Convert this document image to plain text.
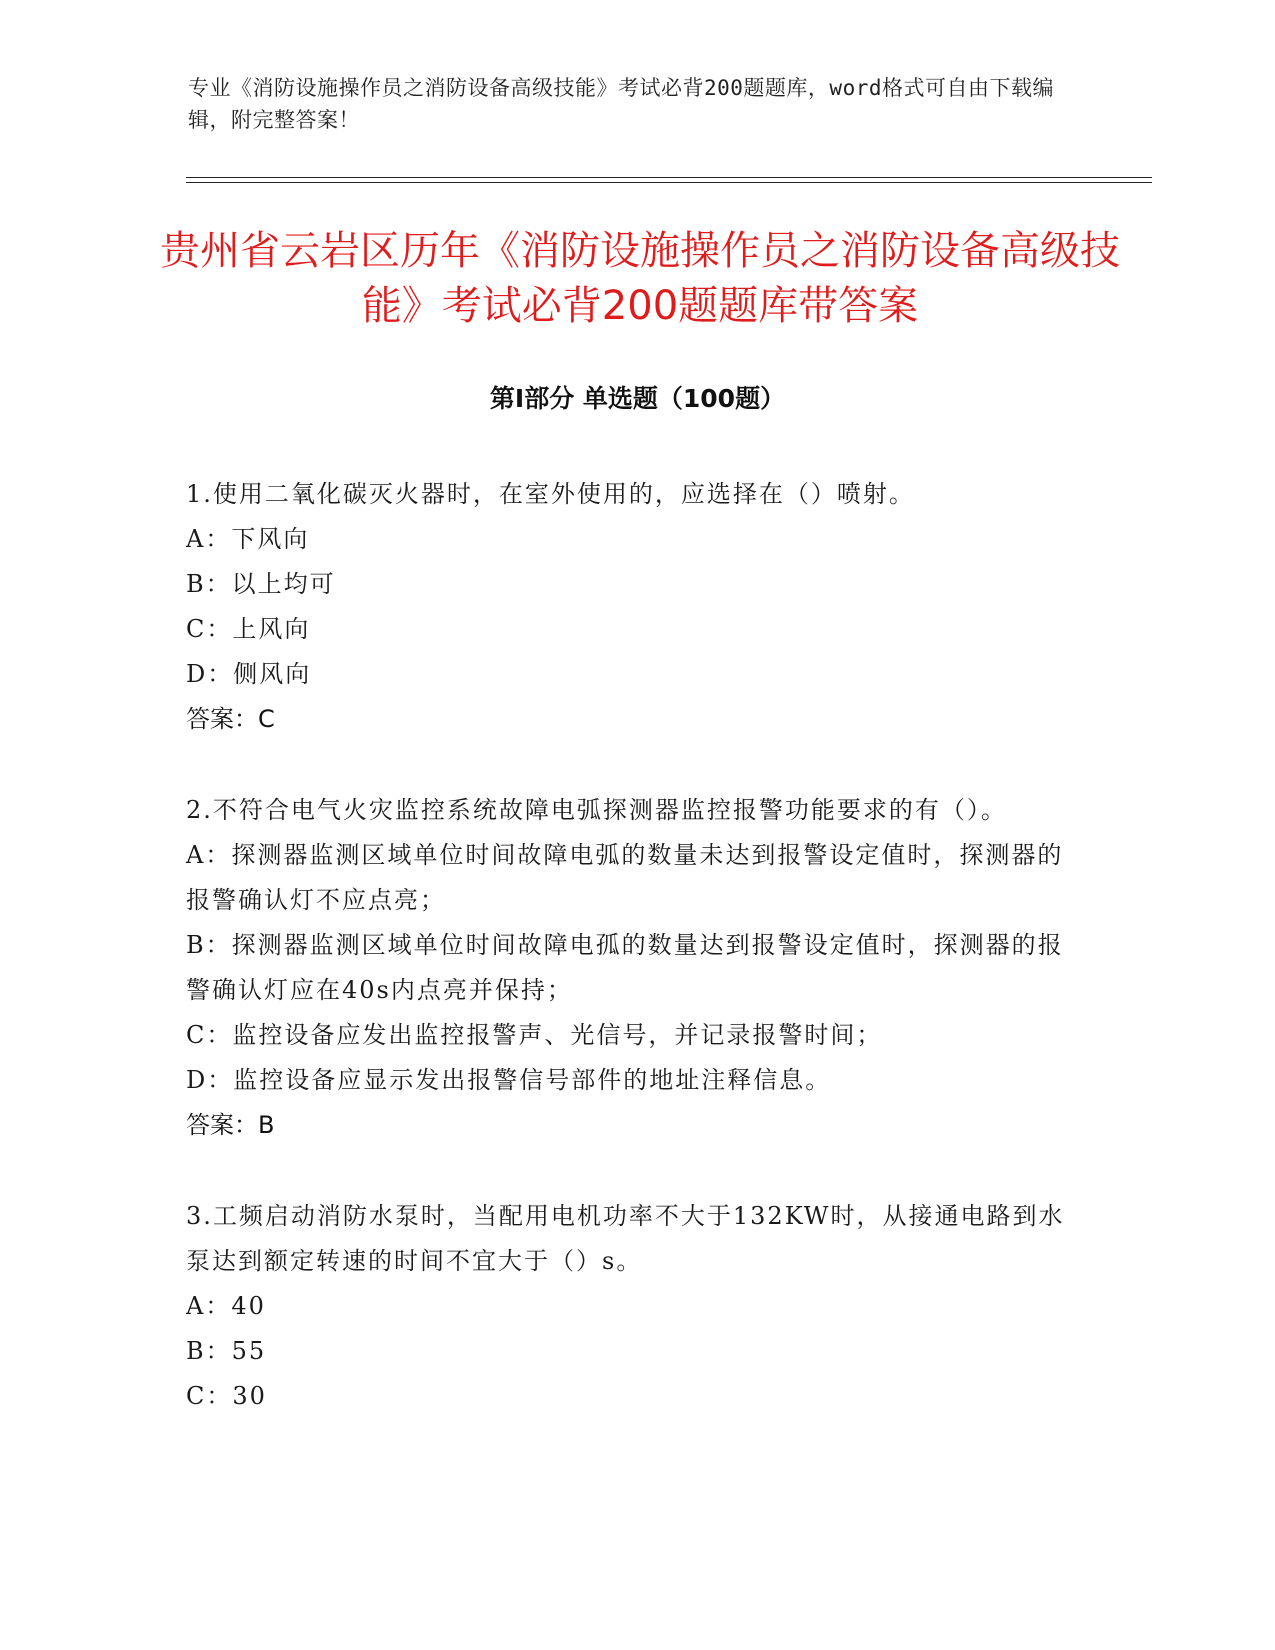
专业《消防设施操作员之消防设备高级技能》考试必背200题题库，word格式可自由下载编辑，附完整答案！
贵州省云岩区历年《消防设施操作员之消防设备高级技能》考试必背200题题库带答案
第Ⅰ部分 单选题（100题）

1.使用二氧化碳灭火器时，在室外使用的，应选择在（）喷射。

A：下风向

B：以上均可

C：上风向

D：侧风向

答案：C

2.不符合电气火灾监控系统故障电弧探测器监控报警功能要求的有（）。

A：探测器监测区域单位时间故障电弧的数量未达到报警设定值时，探测器的报警确认灯不应点亮；

B：探测器监测区域单位时间故障电孤的数量达到报警设定值时，探测器的报警确认灯应在40s内点亮并保持；

C：监控设备应发出监控报警声、光信号，并记录报警时间；

D：监控设备应显示发出报警信号部件的地址注释信息。

答案：B

3.工频启动消防水泵时，当配用电机功率不大于132KW时，从接通电路到水泵达到额定转速的时间不宜大于（）s。

A：40

B：55

C：30
